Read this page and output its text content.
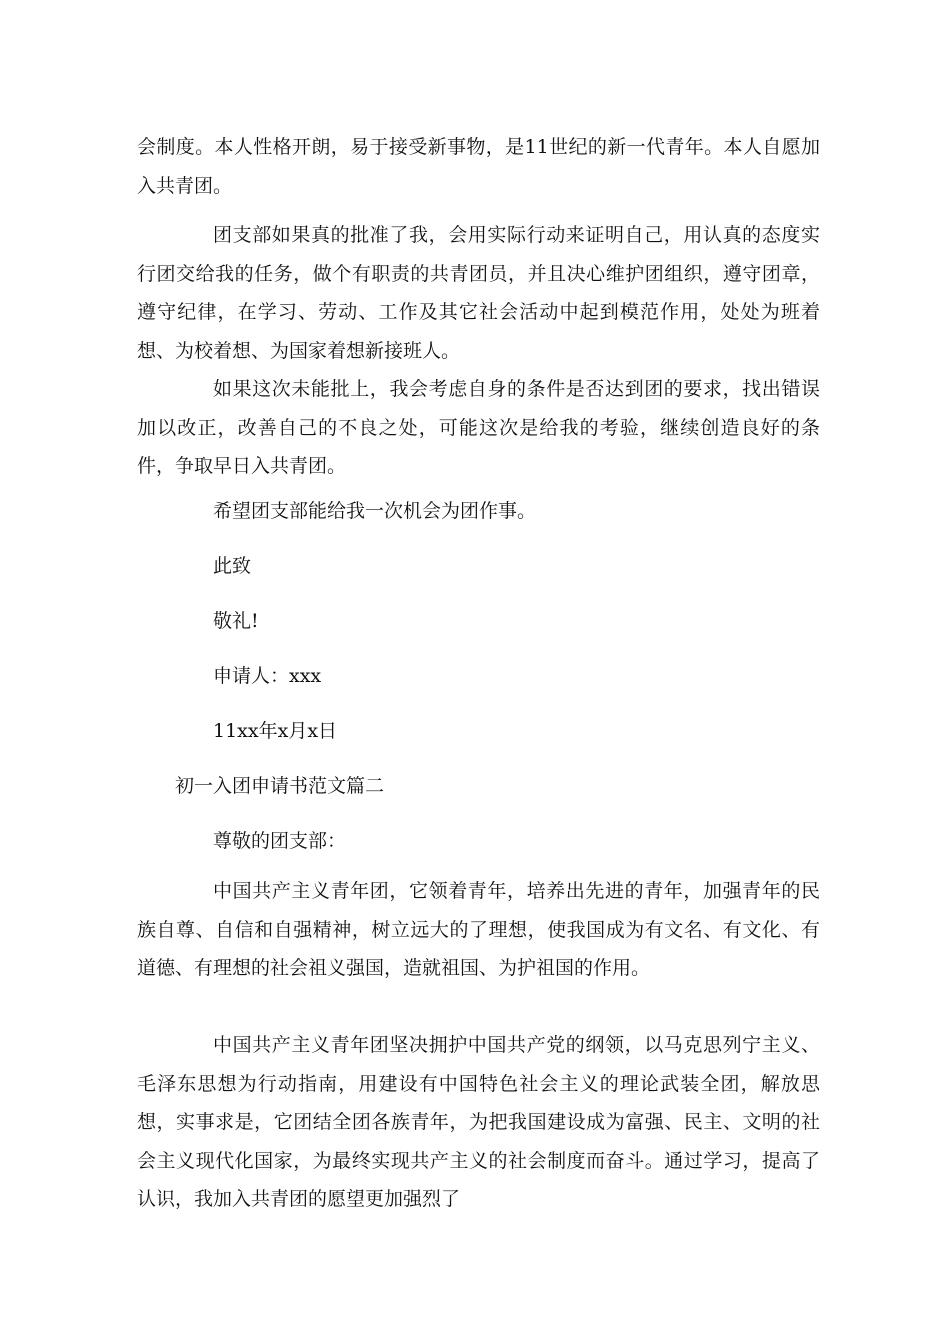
会制度。本人性格开朗，易于接受新事物，是11世纪的新一代青年。本人自愿加入共青团。

团支部如果真的批准了我，会用实际行动来证明自己，用认真的态度实行团交给我的任务，做个有职责的共青团员，并且决心维护团组织，遵守团章，遵守纪律，在学习、劳动、工作及其它社会活动中起到模范作用，处处为班着想、为校着想、为国家着想新接班人。

如果这次未能批上，我会考虑自身的条件是否达到团的要求，找出错误加以改正，改善自己的不良之处，可能这次是给我的考验，继续创造良好的条件，争取早日入共青团。

希望团支部能给我一次机会为团作事。

此致

敬礼!

申请人：xxx

11xx年x月x日

初一入团申请书范文篇二

尊敬的团支部：

中国共产主义青年团，它领着青年，培养出先进的青年，加强青年的民族自尊、自信和自强精神，树立远大的了理想，使我国成为有文名、有文化、有道德、有理想的社会祖义强国，造就祖国、为护祖国的作用。

中国共产主义青年团坚决拥护中国共产党的纲领，以马克思列宁主义、毛泽东思想为行动指南，用建设有中国特色社会主义的理论武装全团，解放思想，实事求是，它团结全团各族青年，为把我国建设成为富强、民主、文明的社会主义现代化国家，为最终实现共产主义的社会制度而奋斗。通过学习，提高了认识，我加入共青团的愿望更加强烈了
